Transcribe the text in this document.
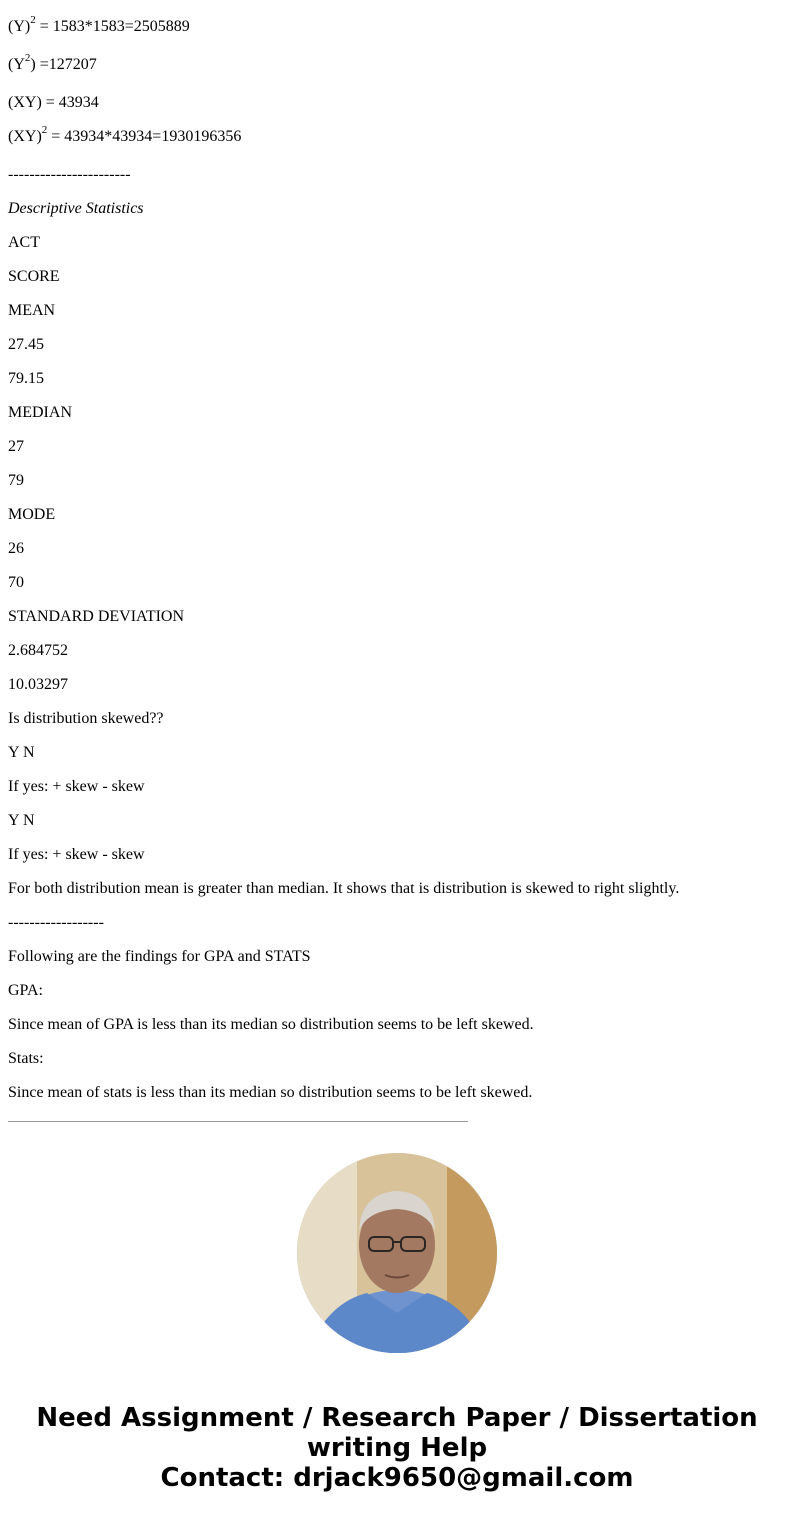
$(Y)^2 = 1583*1583=2505889$

$(Y^2) =127207$

(XY) = 43934

(XY)$^2$ = 43934*43934=1930196356

-----------------------

Descriptive Statistics

ACT

SCORE

MEAN

27.45

79.15

MEDIAN

27

79

MODE

26

70

STANDARD DEVIATION

2.684752

10.03297

Is distribution skewed??

Y N

If yes: + skew - skew

Y N

If yes: + skew - skew

For both distribution mean is greater than median. It shows that is distribution is skewed to right slightly.

------------------

Following are the findings for GPA and STATS

GPA:

Since mean of GPA is less than its median so distribution seems to be left skewed.

Stats:

Since mean of stats is less than its median so distribution seems to be left skewed.

Need Assignment / Research Paper / Dissertation
writing Help
Contact: drjack9650@gmail.com
